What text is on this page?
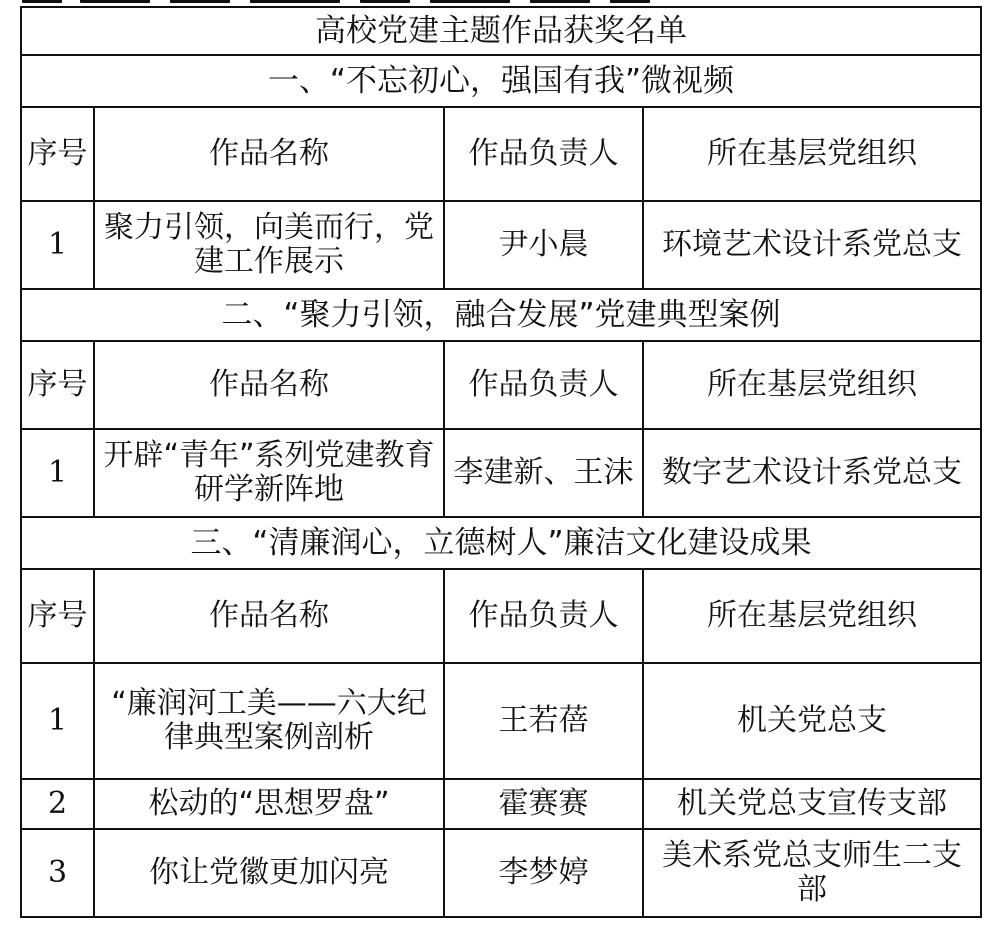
高校党建主题作品获奖名单			
一、“不忘初心，强国有我”微视频			
序号	作品名称	作品负责人	所在基层党组织
1	聚力引领，向美而行，党建工作展示	尹小晨	环境艺术设计系党总支
二、“聚力引领，融合发展”党建典型案例			
序号	作品名称	作品负责人	所在基层党组织
1	开辟“青年”系列党建教育研学新阵地	李建新、王沫	数字艺术设计系党总支
三、“清廉润心，立德树人”廉洁文化建设成果			
序号	作品名称	作品负责人	所在基层党组织
1	“廉润河工美——六大纪律典型案例剖析	王若蓓	机关党总支
2	松动的“思想罗盘”	霍赛赛	机关党总支宣传支部
3	你让党徽更加闪亮	李梦婷	美术系党总支师生二支部
